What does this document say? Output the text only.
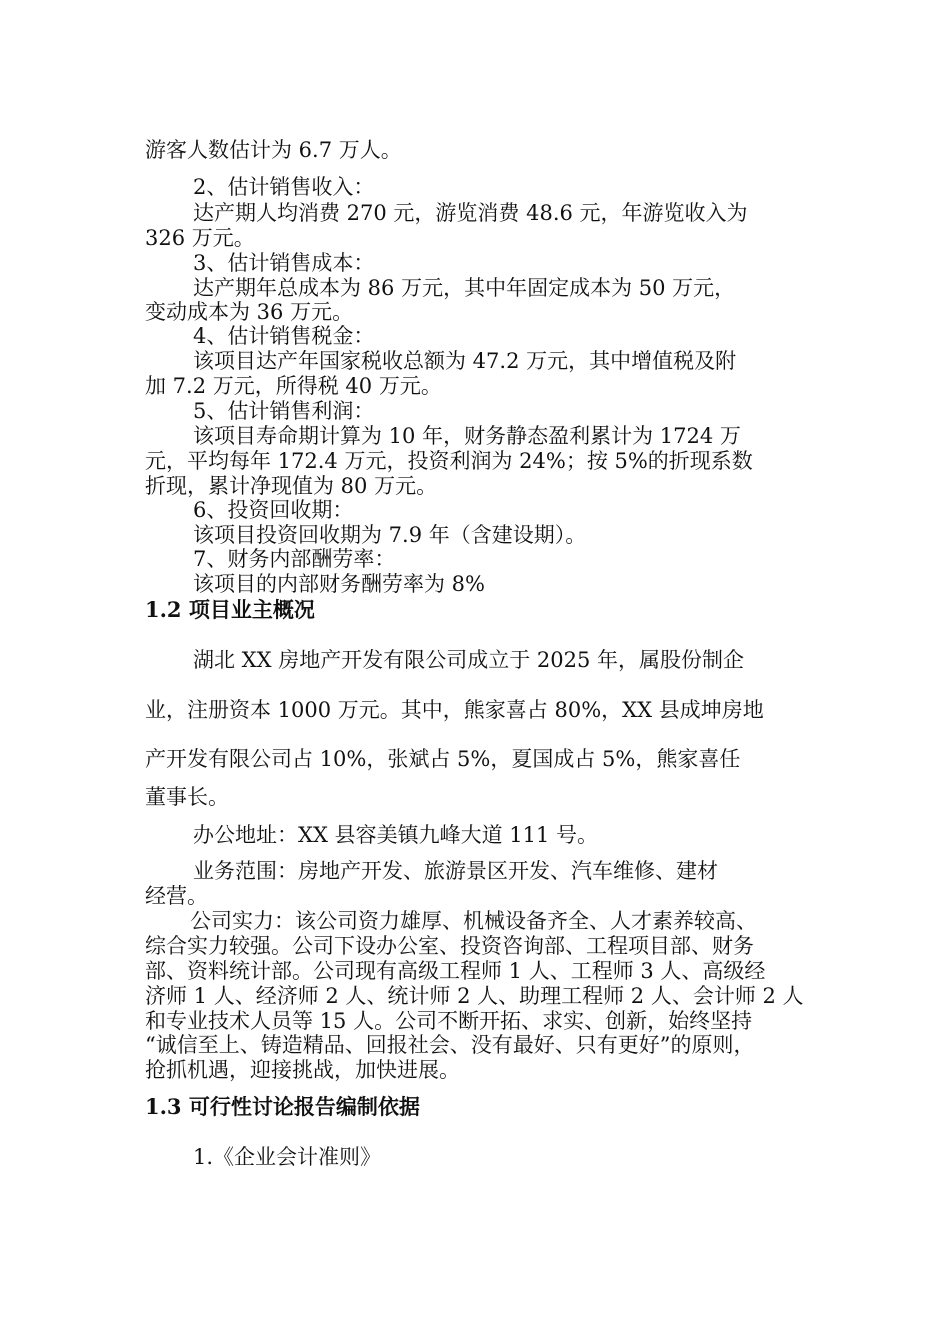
游客人数估计为 6.7 万人。
2、估计销售收入：
达产期人均消费 270 元，游览消费 48.6 元，年游览收入为
326 万元。
3、估计销售成本：
达产期年总成本为 86 万元，其中年固定成本为 50 万元，
变动成本为 36 万元。
4、估计销售税金：
该项目达产年国家税收总额为 47.2 万元，其中增值税及附
加 7.2 万元，所得税 40 万元。
5、估计销售利润：
该项目寿命期计算为 10 年，财务静态盈利累计为 1724 万
元，平均每年 172.4 万元，投资利润为 24%；按 5%的折现系数
折现，累计净现值为 80 万元。
6、投资回收期：
该项目投资回收期为 7.9 年（含建设期）。
7、财务内部酬劳率：
该项目的内部财务酬劳率为 8%
1.2 项目业主概况
湖北 XX 房地产开发有限公司成立于 2025 年，属股份制企
业，注册资本 1000 万元。其中，熊家喜占 80%，XX 县成坤房地
产开发有限公司占 10%，张斌占 5%，夏国成占 5%，熊家喜任
董事长。
办公地址：XX 县容美镇九峰大道 111 号。
业务范围：房地产开发、旅游景区开发、汽车维修、建材
经营。
公司实力：该公司资力雄厚、机械设备齐全、人才素养较高、
综合实力较强。公司下设办公室、投资咨询部、工程项目部、财务
部、资料统计部。公司现有高级工程师 1 人、工程师 3 人、高级经
济师 1 人、经济师 2 人、统计师 2 人、助理工程师 2 人、会计师 2 人
和专业技术人员等 15 人。公司不断开拓、求实、创新，始终坚持
“诚信至上、铸造精品、回报社会、没有最好、只有更好”的原则，
抢抓机遇，迎接挑战，加快进展。
1.3 可行性讨论报告编制依据
1.《企业会计准则》
